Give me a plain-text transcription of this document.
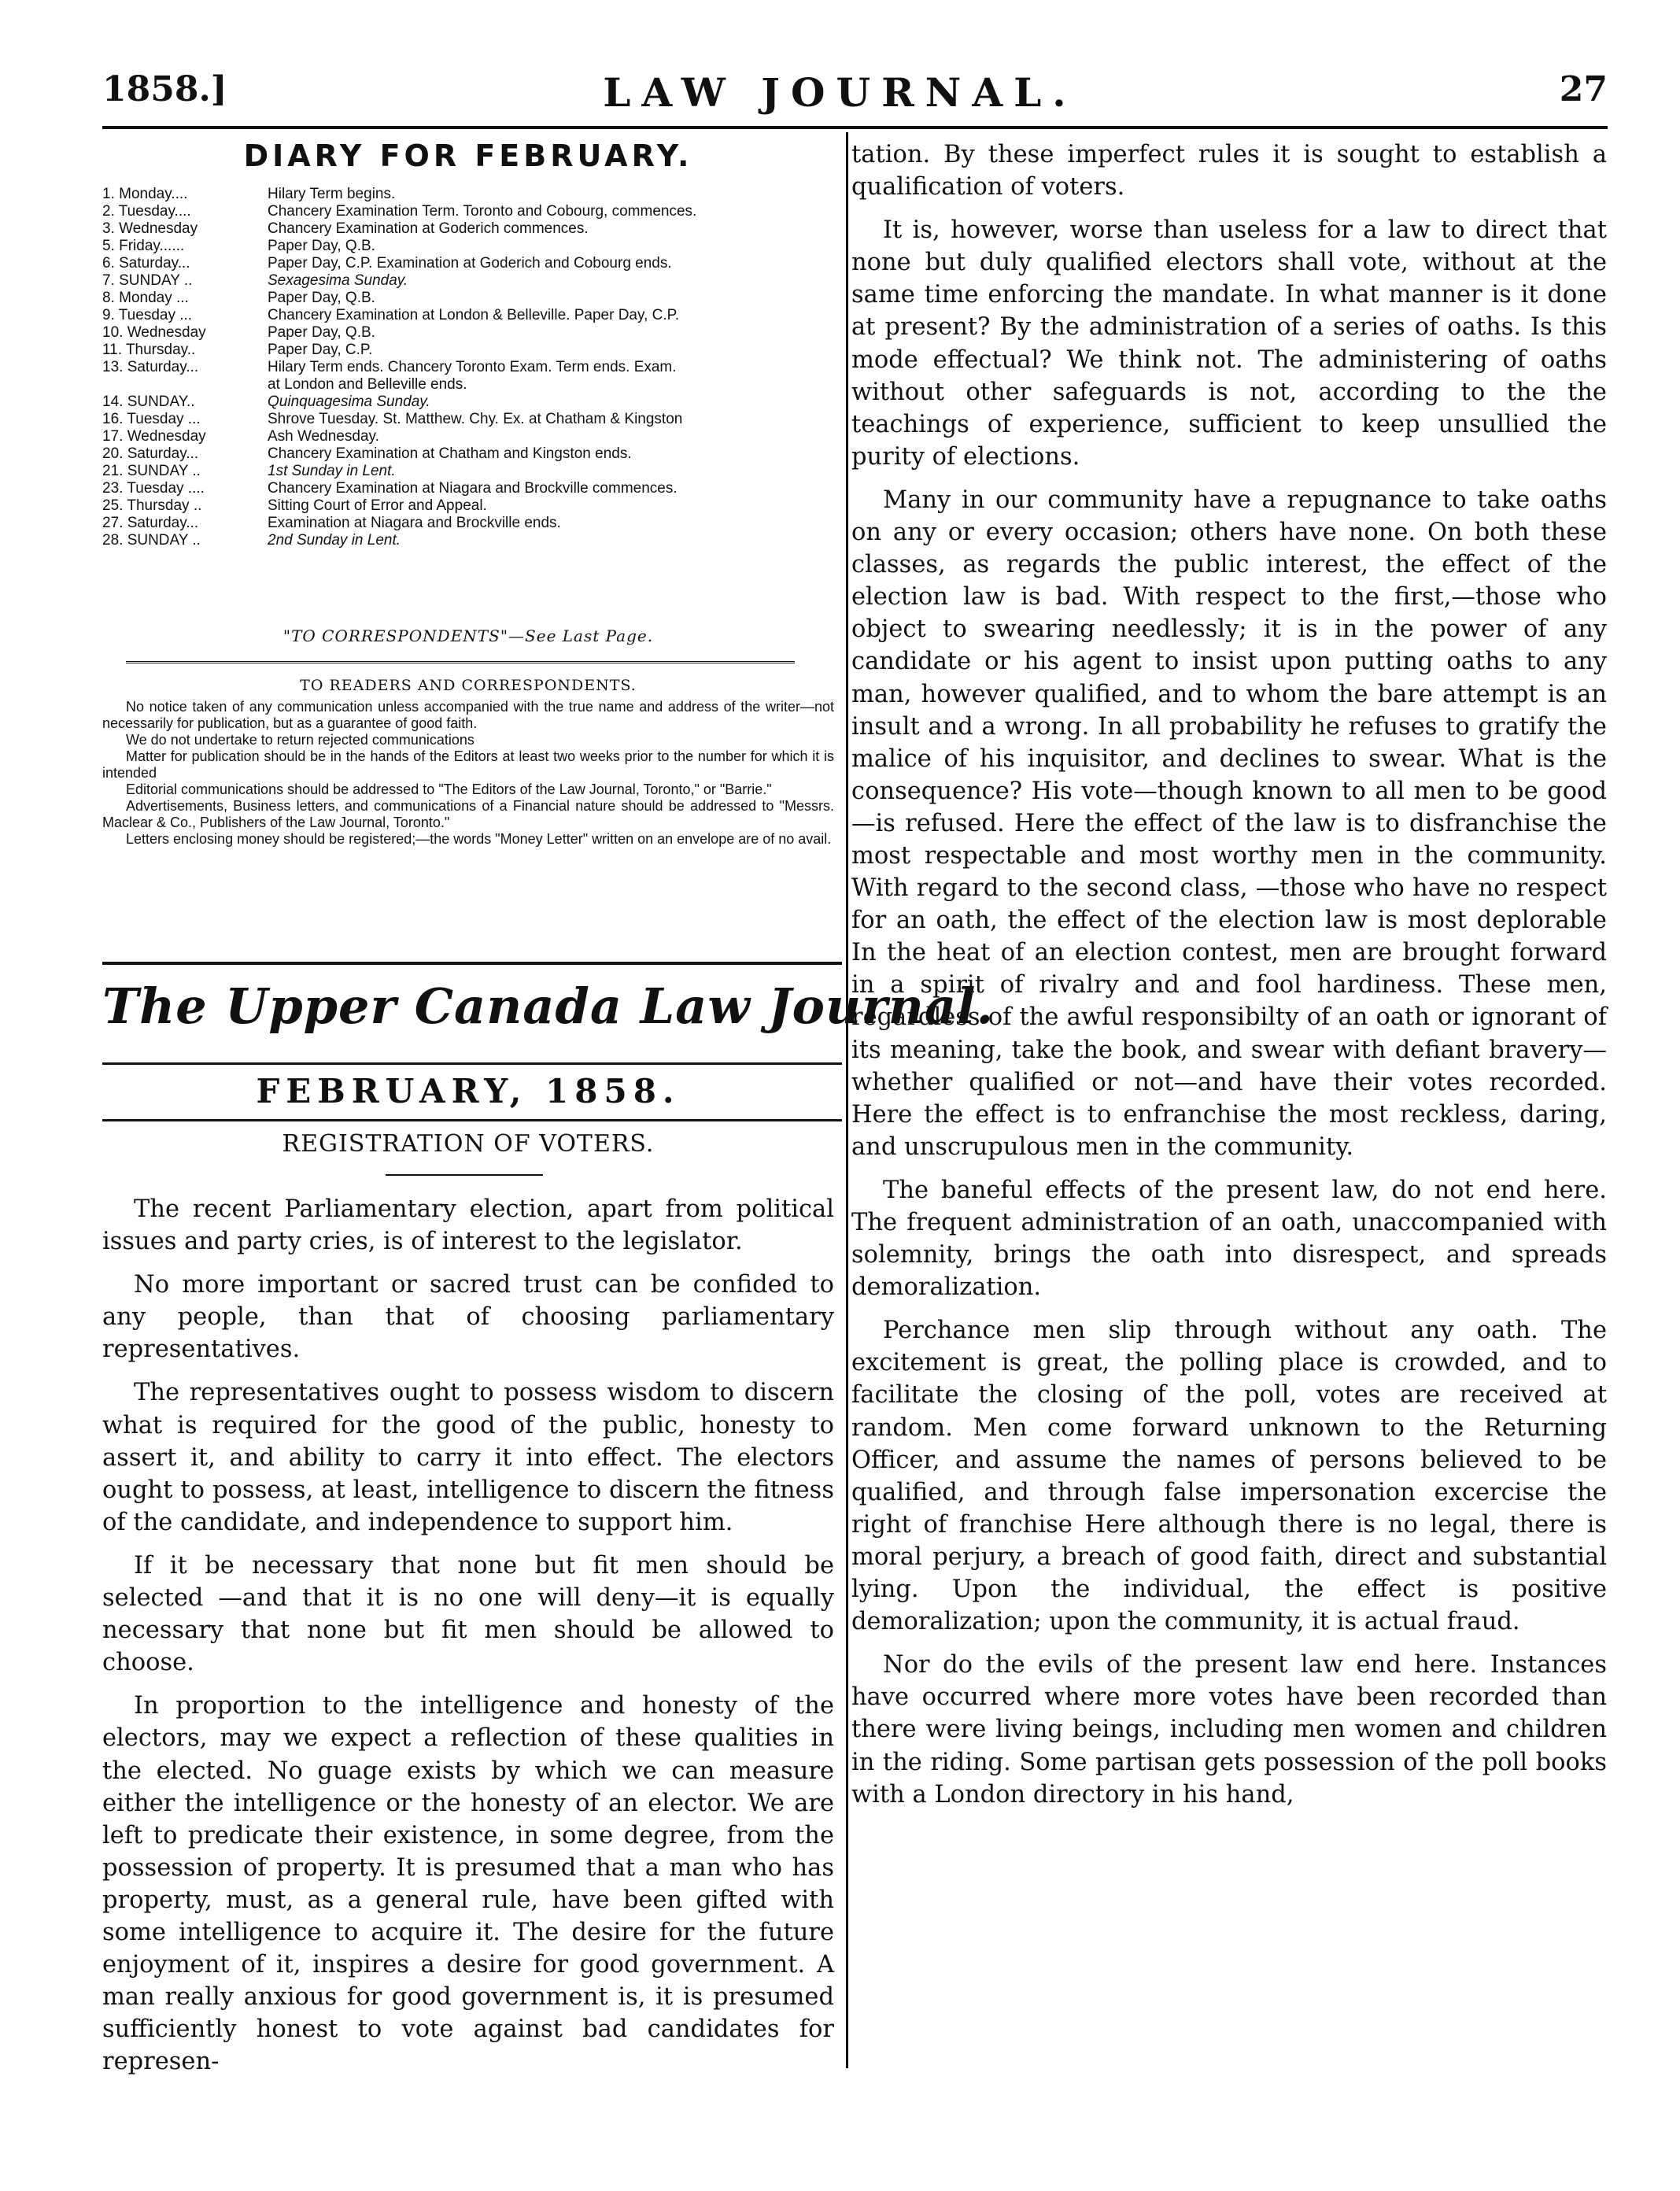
1858.]	LAW JOURNAL.	27
DIARY FOR FEBRUARY.
1. Monday....	Hilary Term begins.
2. Tuesday....	Chancery Examination Term. Toronto and Cobourg, commences.
3. Wednesday	Chancery Examination at Goderich commences.
5. Friday......	Paper Day, Q.B.
6. Saturday...	Paper Day, C.P. Examination at Goderich and Cobourg ends.
7. SUNDAY ..	Sexagesima Sunday.
8. Monday ...	Paper Day, Q.B.
9. Tuesday ...	Chancery Examination at London & Belleville. Paper Day, C.P.
10. Wednesday	Paper Day, Q.B.
11. Thursday..	Paper Day, C.P.
13. Saturday...	Hilary Term ends. Chancery Toronto Exam. Term ends. Exam.
at London and Belleville ends.
14. SUNDAY..	Quinquagesima Sunday.
16. Tuesday ...	Shrove Tuesday. St. Matthew. Chy. Ex. at Chatham & Kingston
17. Wednesday	Ash Wednesday.
20. Saturday...	Chancery Examination at Chatham and Kingston ends.
21. SUNDAY ..	1st Sunday in Lent.
23. Tuesday ....	Chancery Examination at Niagara and Brockville commences.
25. Thursday ..	Sitting Court of Error and Appeal.
27. Saturday...	Examination at Niagara and Brockville ends.
28. SUNDAY ..	2nd Sunday in Lent.
"TO CORRESPONDENTS"—See Last Page.
TO READERS AND CORRESPONDENTS.

No notice taken of any communication unless accompanied with the true name and address of the writer—not necessarily for publication, but as a guarantee of good faith.

We do not undertake to return rejected communications

Matter for publication should be in the hands of the Editors at least two weeks prior to the number for which it is intended

Editorial communications should be addressed to "The Editors of the Law Journal, Toronto," or "Barrie."

Advertisements, Business letters, and communications of a Financial nature should be addressed to "Messrs. Maclear & Co., Publishers of the Law Journal, Toronto."

Letters enclosing money should be registered;—the words "Money Letter" written on an envelope are of no avail.

The Upper Canada Law Journal.
FEBRUARY, 1858.
REGISTRATION OF VOTERS.

The recent Parliamentary election, apart from political issues and party cries, is of interest to the legislator.

No more important or sacred trust can be confided to any people, than that of choosing parliamentary representatives.

The representatives ought to possess wisdom to discern what is required for the good of the public, honesty to assert it, and ability to carry it into effect. The electors ought to possess, at least, intelligence to discern the fitness of the candidate, and independence to support him.

If it be necessary that none but fit men should be selected —and that it is no one will deny—it is equally necessary that none but fit men should be allowed to choose.

In proportion to the intelligence and honesty of the electors, may we expect a reflection of these qualities in the elected. No guage exists by which we can measure either the intelligence or the honesty of an elector. We are left to predicate their existence, in some degree, from the possession of property. It is presumed that a man who has property, must, as a general rule, have been gifted with some intelligence to acquire it. The desire for the future enjoyment of it, inspires a desire for good government. A man really anxious for good government is, it is presumed sufficiently honest to vote against bad candidates for represen-

tation. By these imperfect rules it is sought to establish a qualification of voters.

It is, however, worse than useless for a law to direct that none but duly qualified electors shall vote, without at the same time enforcing the mandate. In what manner is it done at present? By the administration of a series of oaths. Is this mode effectual? We think not. The administering of oaths without other safeguards is not, according to the the teachings of experience, sufficient to keep unsullied the purity of elections.

Many in our community have a repugnance to take oaths on any or every occasion; others have none. On both these classes, as regards the public interest, the effect of the election law is bad. With respect to the first,—those who object to swearing needlessly; it is in the power of any candidate or his agent to insist upon putting oaths to any man, however qualified, and to whom the bare attempt is an insult and a wrong. In all probability he refuses to gratify the malice of his inquisitor, and declines to swear. What is the consequence? His vote—though known to all men to be good—is refused. Here the effect of the law is to disfranchise the most respectable and most worthy men in the community. With regard to the second class, —those who have no respect for an oath, the effect of the election law is most deplorable In the heat of an election contest, men are brought forward in a spirit of rivalry and and fool hardiness. These men, regardless of the awful responsibilty of an oath or ignorant of its meaning, take the book, and swear with defiant bravery—whether qualified or not—and have their votes recorded. Here the effect is to enfranchise the most reckless, daring, and unscrupulous men in the community.

The baneful effects of the present law, do not end here. The frequent administration of an oath, unaccompanied with solemnity, brings the oath into disrespect, and spreads demoralization.

Perchance men slip through without any oath. The excitement is great, the polling place is crowded, and to facilitate the closing of the poll, votes are received at random. Men come forward unknown to the Returning Officer, and assume the names of persons believed to be qualified, and through false impersonation excercise the right of franchise Here although there is no legal, there is moral perjury, a breach of good faith, direct and substantial lying. Upon the individual, the effect is positive demoralization; upon the community, it is actual fraud.

Nor do the evils of the present law end here. Instances have occurred where more votes have been recorded than there were living beings, including men women and children in the riding. Some partisan gets possession of the poll books with a London directory in his hand,
